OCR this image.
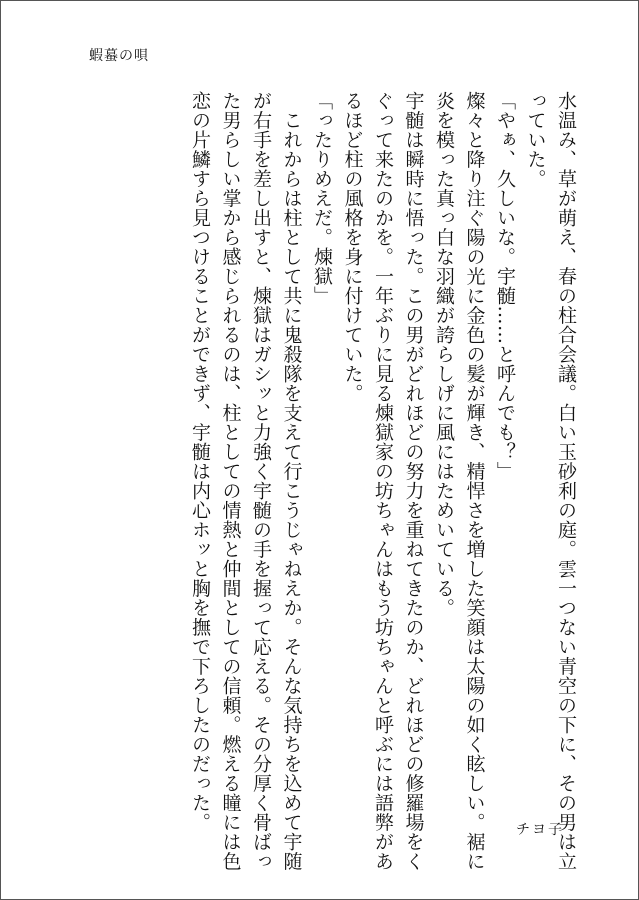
蝦蟇の唄

水温み、草が萌え、春の柱合会議。白い玉砂利の庭。雲一つない青空の下に、その男は立っていた。

「やぁ、久しいな。宇髄……と呼んでも？」

燦々と降り注ぐ陽の光に金色の髪が輝き、精悍さを増した笑顔は太陽の如く眩しい。裾に炎を模った真っ白な羽織が誇らしげに風にはためいている。

宇髄は瞬時に悟った。この男がどれほどの努力を重ねてきたのか、どれほどの修羅場をくぐって来たのかを。一年ぶりに見る煉獄家の坊ちゃんはもう坊ちゃんと呼ぶには語弊があるほど柱の風格を身に付けていた。

「ったりめえだ。煉獄」

　これからは柱として共に鬼殺隊を支えて行こうじゃねえか。そんな気持ちを込めて宇随が右手を差し出すと、煉獄はガシッと力強く宇髄の手を握って応える。その分厚く骨ばった男らしい掌から感じられるのは、柱としての情熱と仲間としての信頼。燃える瞳には色恋の片鱗すら見つけることができず、宇髄は内心ホッと胸を撫で下ろしたのだった。	チヨ子
